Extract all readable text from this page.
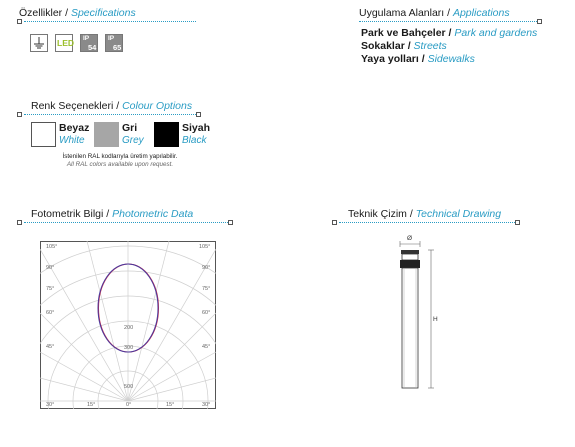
Özellikler / Specifications
LED IP
54
IP
65
Uygulama Alanları / Applications
Park ve Bahçeler / Park and gardens
Sokaklar / Streets
Yaya yolları / Sidewalks
Renk Seçenekleri / Colour Options
Beyaz
White
Gri
Grey
Siyah
Black
İstenilen RAL kodlarıyla üretim yapılabilir.
All RAL colors available upon request.
Fotometrik Bilgi / Photometric Data
105°	105°
90°
75°
60°
45°
90°
75°
60°
45°
30°	15°	0°	15°	30°
200
300
500
Teknik Çizim / Technical Drawing
Ø
H
